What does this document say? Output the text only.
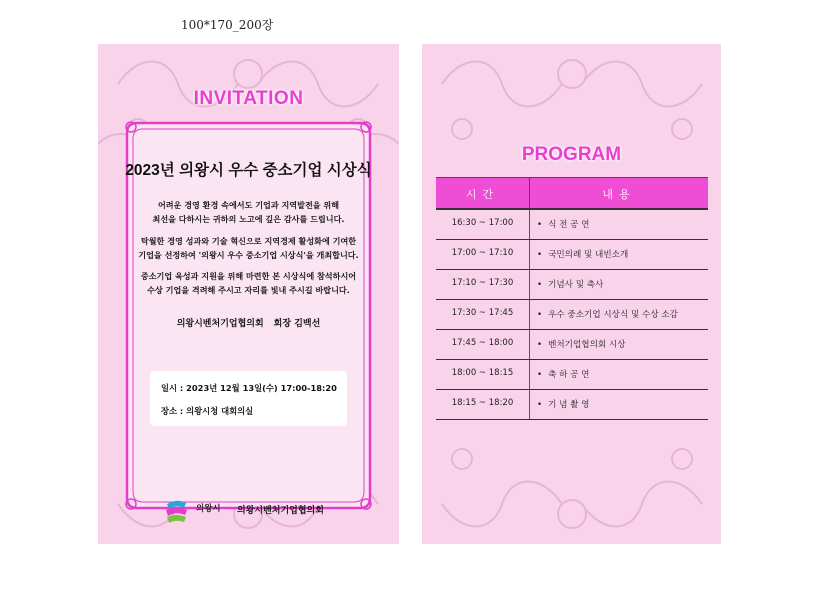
100*170_200장
INVITATION
2023년 의왕시 우수 중소기업 시상식
어려운 경영 환경 속에서도 기업과 지역발전을 위해
최선을 다하시는 귀하의 노고에 깊은 감사를 드립니다.
탁월한 경영 성과와 기술 혁신으로 지역경제 활성화에 기여한
기업을 선정하여 '의왕시 우수 중소기업 시상식'을 개최합니다.
중소기업 육성과 지원을 위해 마련한 본 시상식에 참석하시어
수상 기업을 격려해 주시고 자리를 빛내 주시길 바랍니다.
의왕시벤처기업협의회 회장 김백선
일시 : 2023년 12월 13일(수) 17:00-18:20
장소 : 의왕시청 대회의실
의왕시 의왕시벤처기업협의회
PROGRAM
시간	내용
16:30 ~ 17:00	• 식 전 공 연
17:00 ~ 17:10	• 국민의례 및 내빈소개
17:10 ~ 17:30	• 기념사 및 축사
17:30 ~ 17:45	• 우수 중소기업 시상식 및 수상 소감
17:45 ~ 18:00	• 벤처기업협의회 시상
18:00 ~ 18:15	• 축 하 공 연
18:15 ~ 18:20	• 기 념 촬 영
